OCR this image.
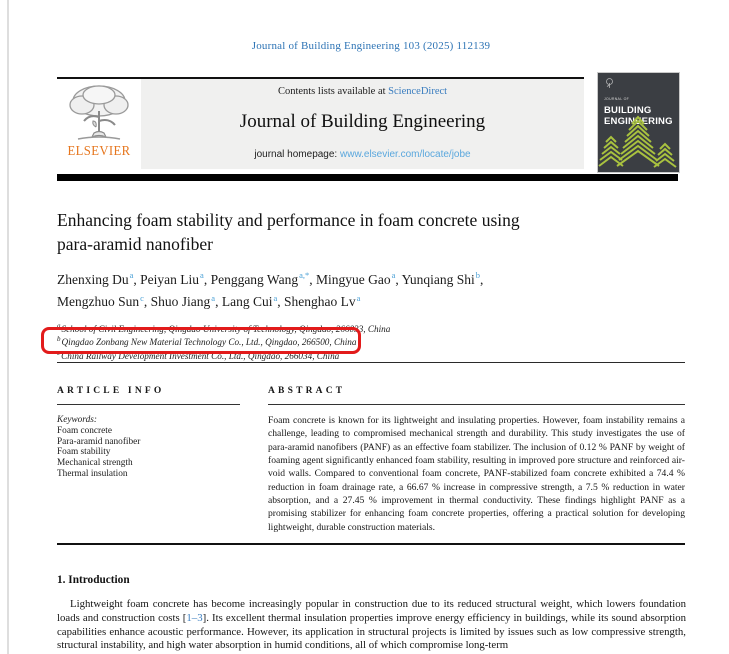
Journal of Building Engineering 103 (2025) 112139
ELSEVIER
Contents lists available at ScienceDirect
Journal of Building Engineering
journal homepage: www.elsevier.com/locate/jobe
JOURNAL OFBUILDING
ENGINEERING
Enhancing foam stability and performance in foam concrete using
para-aramid nanofiber
Zhenxing Du$^a$, Peiyan Liu$^a$, Penggang Wang$^{a,*}$, Mingyue Gao$^a$, Yunqiang Shi$^b$,
Mengzhuo Sun$^c$, Shuo Jiang$^a$, Lang Cui$^a$, Shenghao Lv$^a$
$^a$School of Civil Engineering, Qingdao University of Technology, Qingdao, 266033, China
$^b$Qingdao Zonbang New Material Technology Co., Ltd., Qingdao, 266500, China
$^c$China Railway Development Investment Co., Ltd., Qingdao, 266034, China
ARTICLE INFO	ABSTRACT
Keywords:
Foam concrete
Para-aramid nanofiber
Foam stability
Mechanical strength
Thermal insulation
Foam concrete is known for its lightweight and insulating properties. However, foam instability remains a challenge, leading to compromised mechanical strength and durability. This study investigates the use of para-aramid nanofibers (PANF) as an effective foam stabilizer. The inclusion of 0.12 % PANF by weight of foaming agent significantly enhanced foam stability, resulting in improved pore structure and reinforced air-void walls. Compared to conventional foam concrete, PANF-stabilized foam concrete exhibited a 74.4 % reduction in foam drainage rate, a 66.67 % increase in compressive strength, a 7.5 % reduction in water absorption, and a 27.45 % improvement in thermal conductivity. These findings highlight PANF as a promising stabilizer for enhancing foam concrete properties, offering a practical solution for developing lightweight, durable construction materials.
1. Introduction
Lightweight foam concrete has become increasingly popular in construction due to its reduced structural weight, which lowers foundation loads and construction costs [1–3]. Its excellent thermal insulation properties improve energy efficiency in buildings, while its sound absorption capabilities enhance acoustic performance. However, its application in structural projects is limited by issues such as low compressive strength, structural instability, and high water absorption in humid conditions, all of which compromise long-term
